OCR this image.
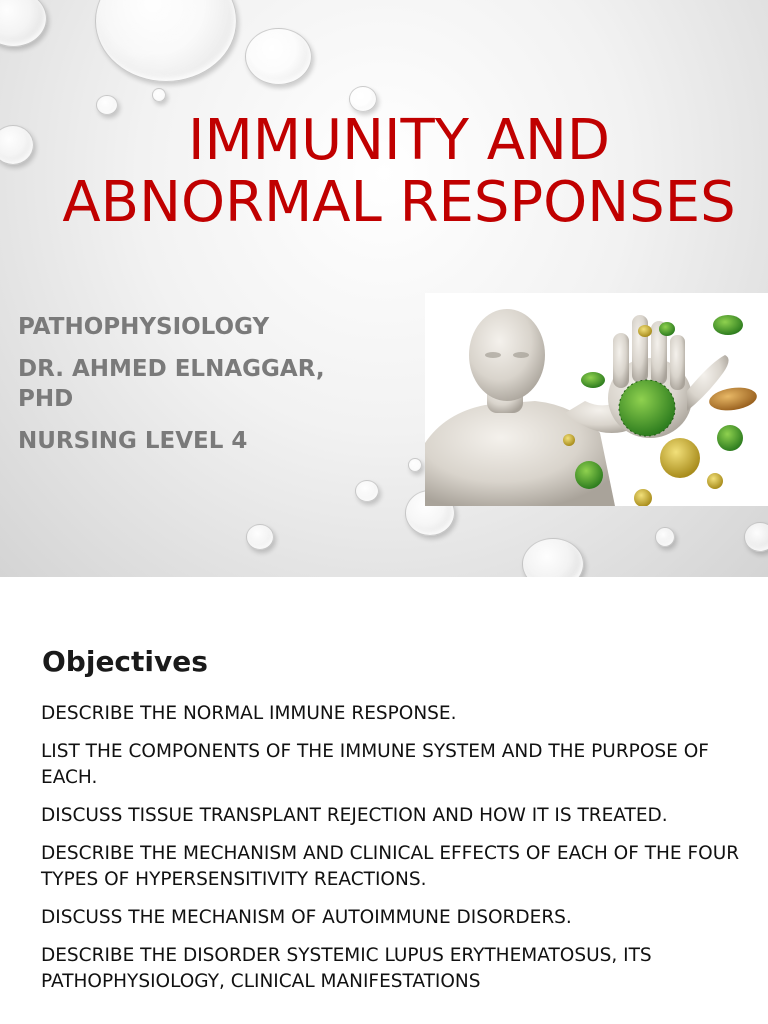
IMMUNITY AND
ABNORMAL RESPONSES
PATHOPHYSIOLOGY
DR. AHMED ELNAGGAR, PHD
NURSING LEVEL 4
Objectives
DESCRIBE THE NORMAL IMMUNE RESPONSE.
LIST THE COMPONENTS OF THE IMMUNE SYSTEM AND THE PURPOSE OF EACH.
DISCUSS TISSUE TRANSPLANT REJECTION AND HOW IT IS TREATED.
DESCRIBE THE MECHANISM AND CLINICAL EFFECTS OF EACH OF THE FOUR TYPES OF HYPERSENSITIVITY REACTIONS.
DISCUSS THE MECHANISM OF AUTOIMMUNE DISORDERS.
DESCRIBE THE DISORDER SYSTEMIC LUPUS ERYTHEMATOSUS, ITS PATHOPHYSIOLOGY, CLINICAL MANIFESTATIONS
